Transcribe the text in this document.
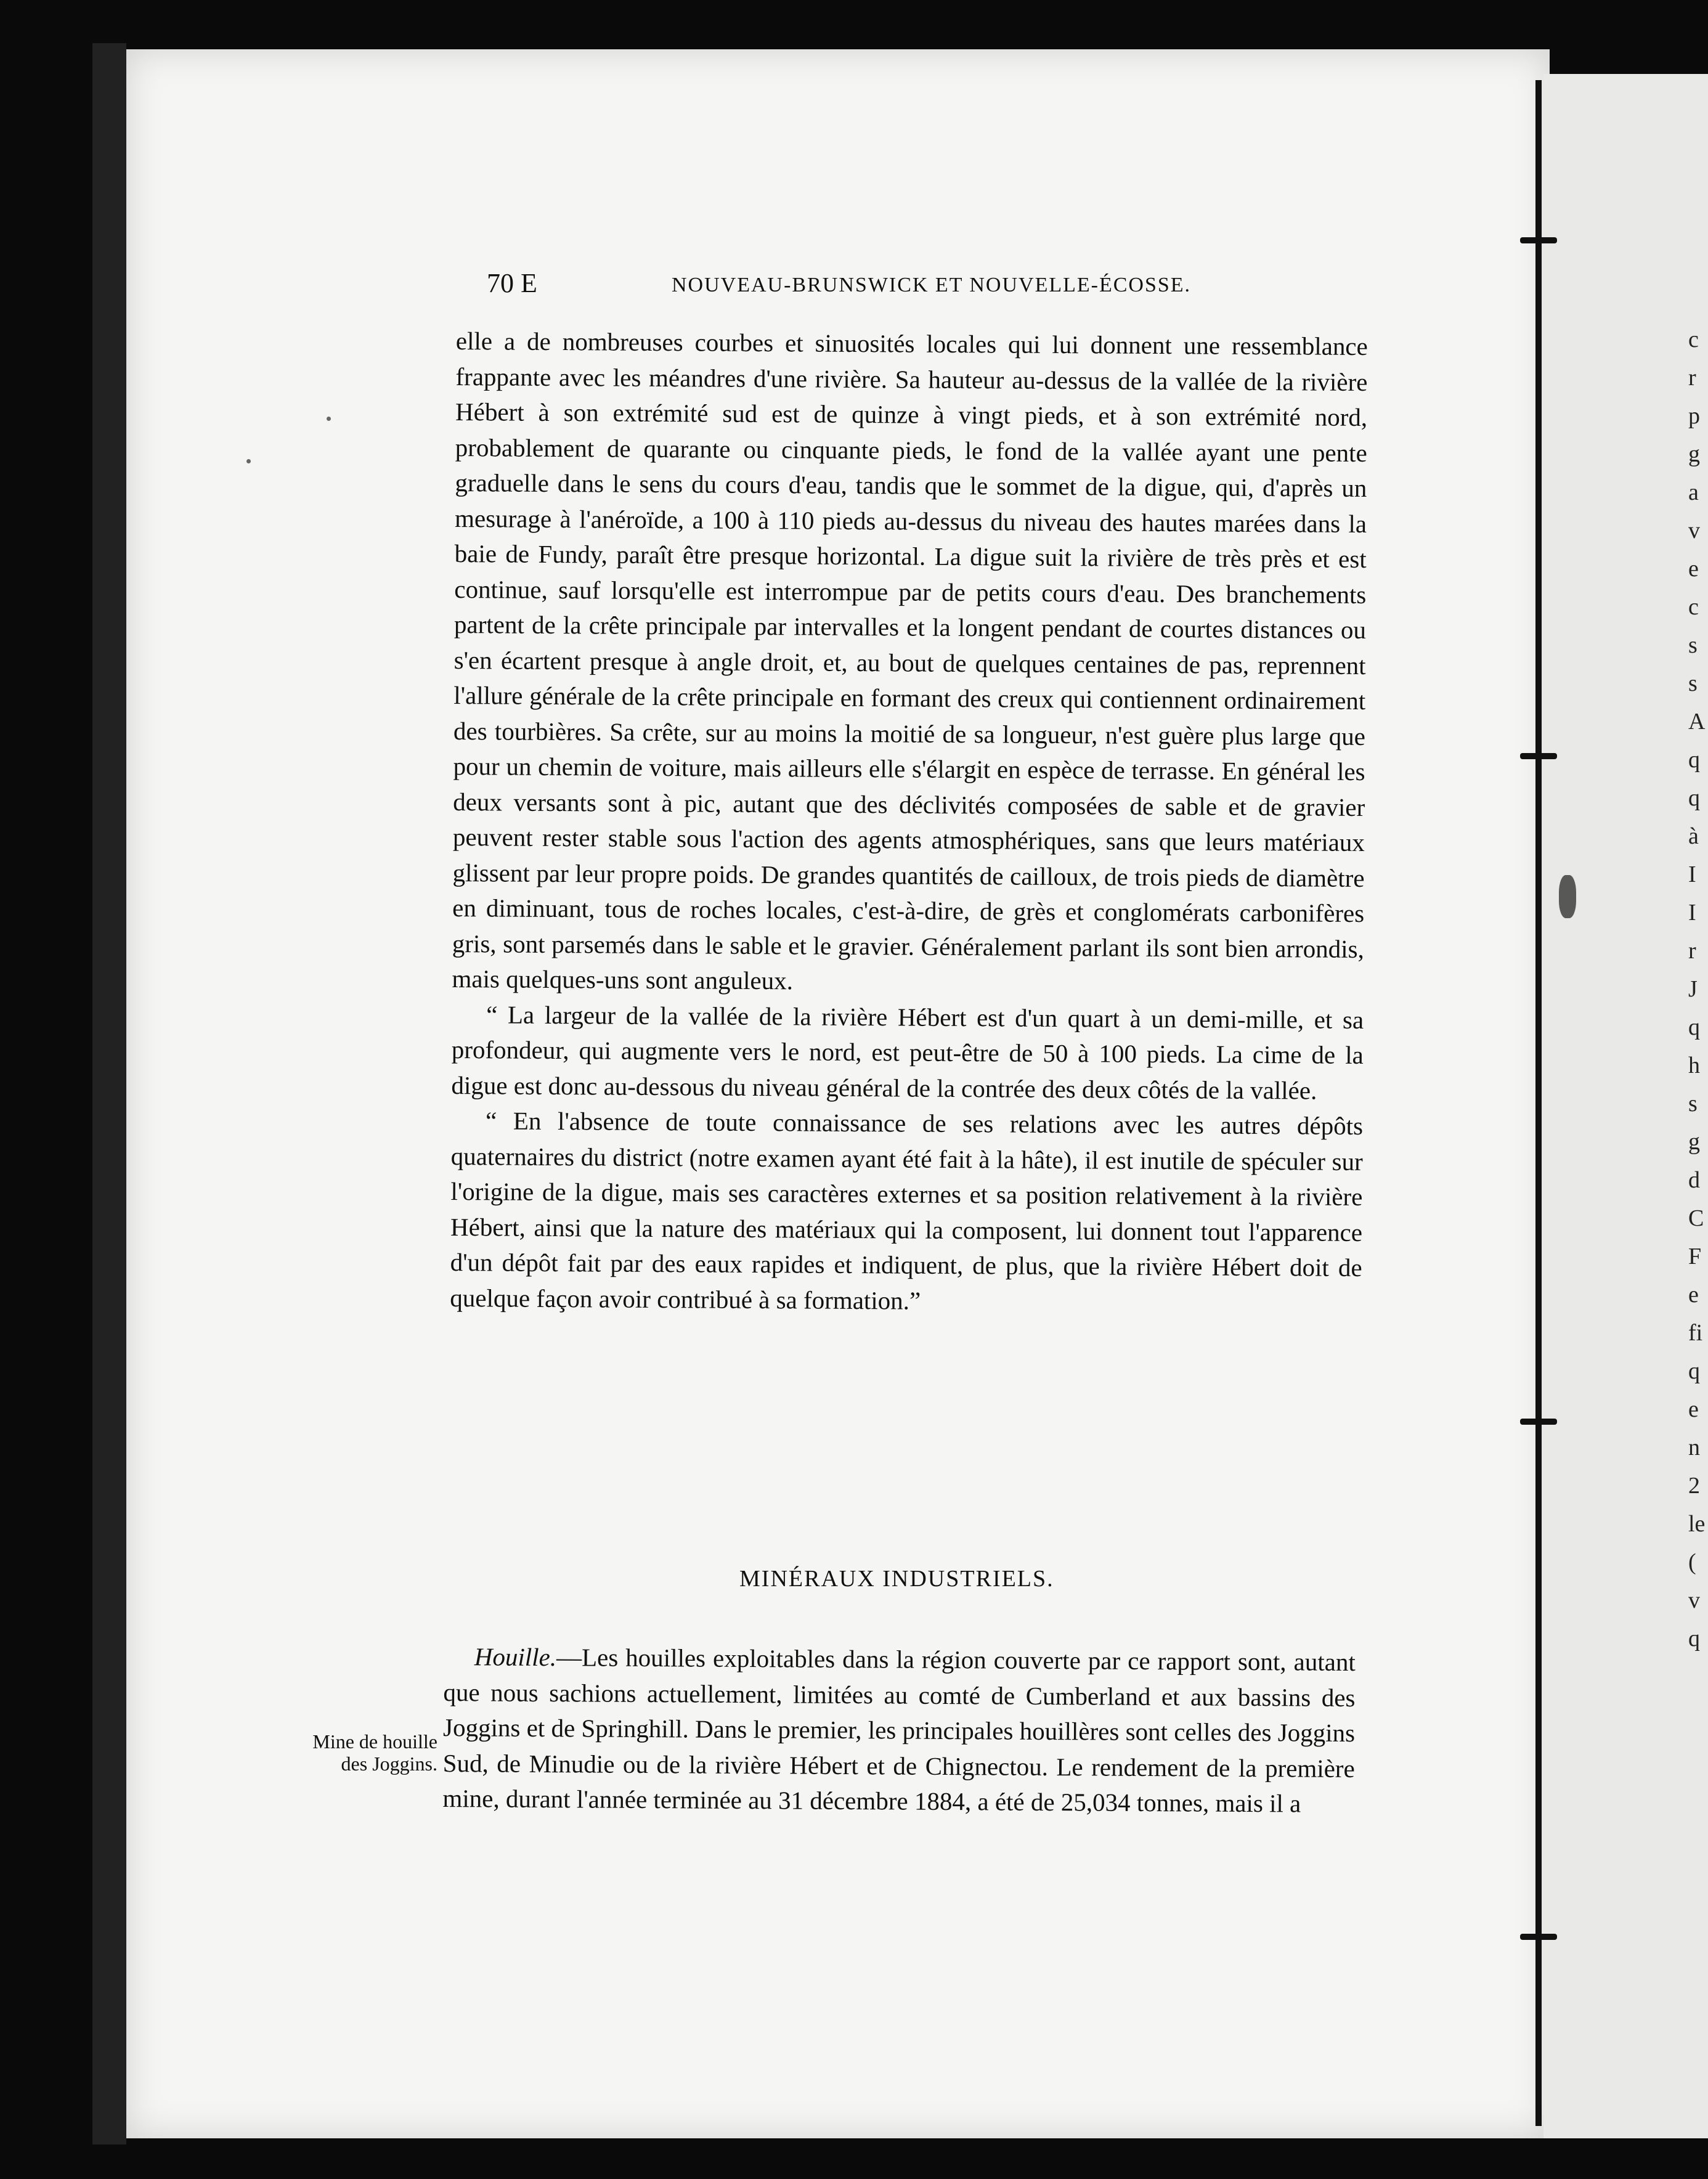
c r p g a v e c s s A q q à I I r J q h s g d C F e fi q e n 2 le ( v q
70 E	NOUVEAU-BRUNSWICK ET NOUVELLE-ÉCOSSE.

elle a de nombreuses courbes et sinuosités locales qui lui donnent une ressemblance frappante avec les méandres d'une rivière. Sa hauteur au-dessus de la vallée de la rivière Hébert à son extrémité sud est de quinze à vingt pieds, et à son extrémité nord, probablement de quarante ou cinquante pieds, le fond de la vallée ayant une pente graduelle dans le sens du cours d'eau, tandis que le sommet de la digue, qui, d'après un mesurage à l'anéroïde, a 100 à 110 pieds au-dessus du niveau des hautes marées dans la baie de Fundy, paraît être presque horizontal. La digue suit la rivière de très près et est continue, sauf lorsqu'elle est interrompue par de petits cours d'eau. Des branchements partent de la crête principale par intervalles et la longent pendant de courtes distances ou s'en écartent presque à angle droit, et, au bout de quelques centaines de pas, reprennent l'allure générale de la crête principale en formant des creux qui contiennent ordinairement des tourbières. Sa crête, sur au moins la moitié de sa longueur, n'est guère plus large que pour un chemin de voiture, mais ailleurs elle s'élargit en espèce de terrasse. En général les deux versants sont à pic, autant que des déclivités composées de sable et de gravier peuvent rester stable sous l'action des agents atmosphériques, sans que leurs matériaux glissent par leur propre poids. De grandes quantités de cailloux, de trois pieds de diamètre en diminuant, tous de roches locales, c'est-à-dire, de grès et conglomérats carbonifères gris, sont parsemés dans le sable et le gravier. Généralement parlant ils sont bien arrondis, mais quelques-uns sont anguleux.

“ La largeur de la vallée de la rivière Hébert est d'un quart à un demi-mille, et sa profondeur, qui augmente vers le nord, est peut-être de 50 à 100 pieds. La cime de la digue est donc au-dessous du niveau général de la contrée des deux côtés de la vallée.

“ En l'absence de toute connaissance de ses relations avec les autres dépôts quaternaires du district (notre examen ayant été fait à la hâte), il est inutile de spéculer sur l'origine de la digue, mais ses caractères externes et sa position relativement à la rivière Hébert, ainsi que la nature des matériaux qui la composent, lui donnent tout l'apparence d'un dépôt fait par des eaux rapides et indiquent, de plus, que la rivière Hébert doit de quelque façon avoir contribué à sa formation.”

MINÉRAUX INDUSTRIELS.

Houille.—Les houilles exploitables dans la région couverte par ce rapport sont, autant que nous sachions actuellement, limitées au comté de Cumberland et aux bassins des Joggins et de Springhill. Dans le premier, les principales houillères sont celles des Joggins Sud, de Minudie ou de la rivière Hébert et de Chignectou. Le rendement de la première mine, durant l'année terminée au 31 décembre 1884, a été de 25,034 tonnes, mais il a

Mine de houille des Joggins.
